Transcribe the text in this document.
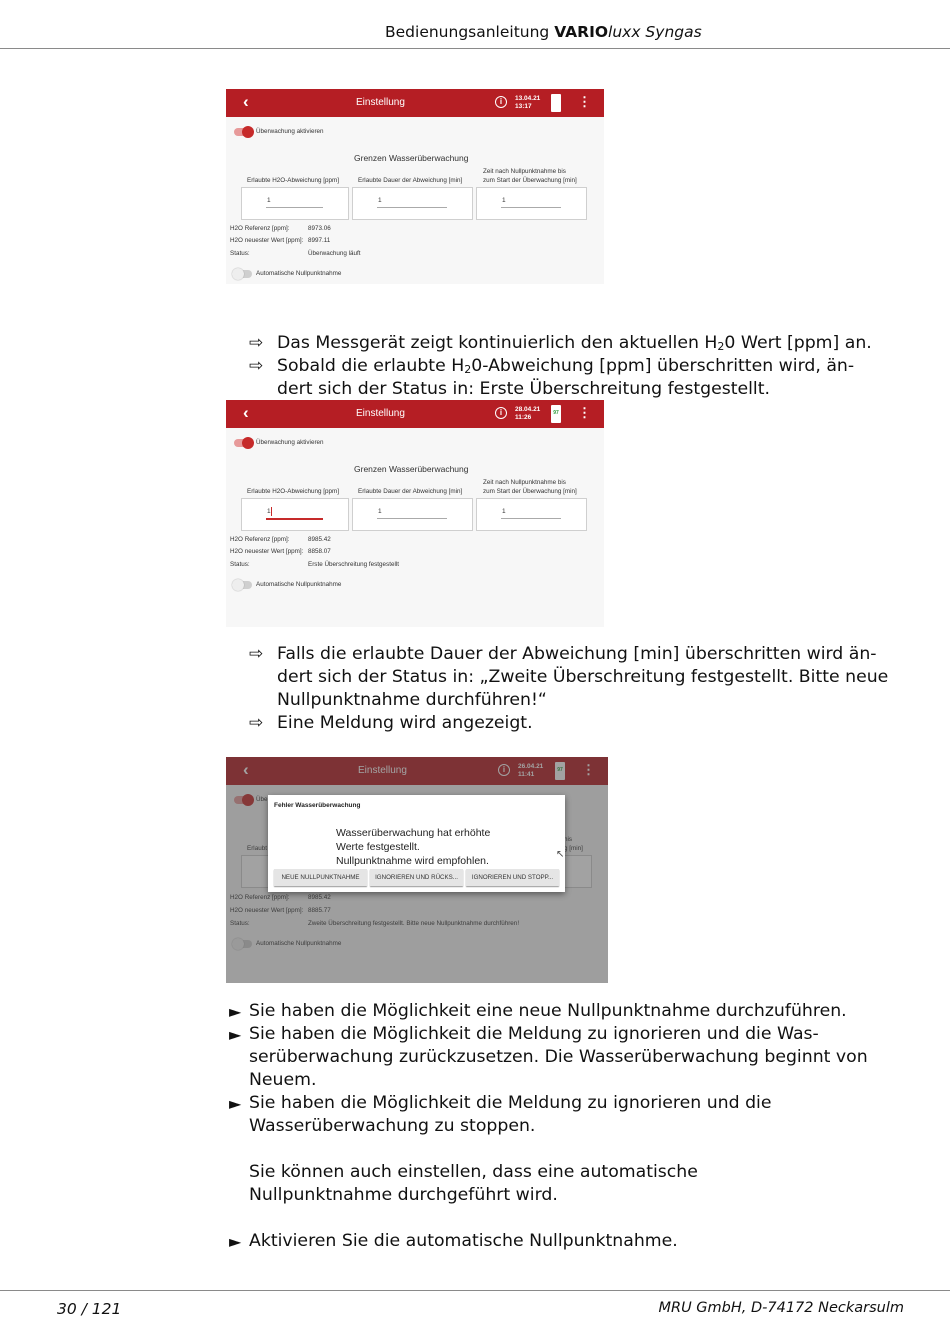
Bedienungsanleitung VARIOluxx Syngas
‹	Einstellung	i	13.04.21
13:17	⋮
Überwachung aktivieren
Grenzen Wasserüberwachung
Erlaubte H2O-Abweichung [ppm]	Erlaubte Dauer der Abweichung [min]
Zeit nach Nullpunktnahme bis
zum Start der Überwachung [min]
1	1	1
H2O Referenz [ppm]:	8973.06
H2O neuester Wert [ppm]: 8997.11
Status:	Überwachung läuft
Automatische Nullpunktnahme
⇨ Das Messgerät zeigt kontinuierlich den aktuellen $H_20$ Wert [ppm] an.
⇨ Sobald die erlaubte $H_20$-Abweichung [ppm] überschritten wird, än-
dert sich der Status in: Erste Überschreitung festgestellt.
‹	Einstellung	i	28.04.21
11:26
97 ⋮
Überwachung aktivieren
Grenzen Wasserüberwachung
Erlaubte H2O-Abweichung [ppm]	Erlaubte Dauer der Abweichung [min]
Zeit nach Nullpunktnahme bis
zum Start der Überwachung [min]
1	1	1
H2O Referenz [ppm]:	8985.42
H2O neuester Wert [ppm]: 8858.07
Status:	Erste Überschreitung festgestellt
Automatische Nullpunktnahme
⇨ Falls die erlaubte Dauer der Abweichung [min] überschritten wird än-
dert sich der Status in: „Zweite Überschreitung festgestellt. Bitte neue
Nullpunktnahme durchführen!“
⇨ Eine Meldung wird angezeigt.

Fehler Wasserüberwachung
Wasserüberwachung hat erhöhte
Werte festgestellt.
Nullpunktnahme wird empfohlen.
↖
NEUE NULLPUNKTNAHME	IGNORIEREN UND RÜCKS...	IGNORIEREN UND STOPP...
► Sie haben die Möglichkeit eine neue Nullpunktnahme durchzuführen.
► Sie haben die Möglichkeit die Meldung zu ignorieren und die Was-
serüberwachung zurückzusetzen. Die Wasserüberwachung beginnt von
Neuem.
► Sie haben die Möglichkeit die Meldung zu ignorieren und die
Wasserüberwachung zu stoppen.
Sie können auch einstellen, dass eine automatische
Nullpunktnahme durchgeführt wird.
► Aktivieren Sie die automatische Nullpunktnahme.
30 / 121	MRU GmbH, D-74172 Neckarsulm
